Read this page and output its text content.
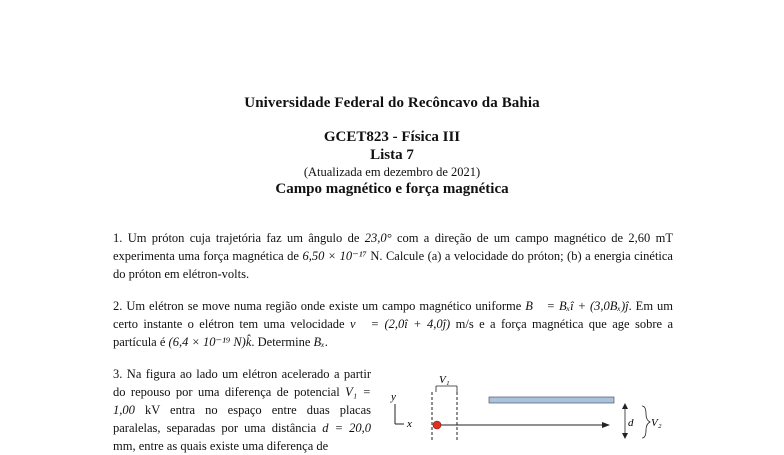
Universidade Federal do Recôncavo da Bahia
GCET823 - Física III
Lista 7
(Atualizada em dezembro de 2021)
Campo magnético e força magnética
1. Um próton cuja trajetória faz um ângulo de 23,0° com a direção de um campo magnético de 2,60 mT experimenta uma força magnética de 6,50 × 10⁻¹⁷ N. Calcule (a) a velocidade do próton; (b) a energia cinética do próton em elétron-volts.
2. Um elétron se move numa região onde existe um campo magnético uniforme B⃗ = Bₓî + (3,0Bₓ)ĵ. Em um certo instante o elétron tem uma velocidade v⃗ = (2,0î + 4,0ĵ) m/s e a força magnética que age sobre a partícula é (6,4 × 10⁻¹⁹ N)k̂. Determine Bₓ.
3. Na figura ao lado um elétron acelerado a partir do repouso por uma diferença de potencial V₁ = 1,00 kV entra no espaço entre duas placas paralelas, separadas por uma distância d = 20,0 mm, entre as quais existe uma diferença de
y
x
V₁
d V₂
